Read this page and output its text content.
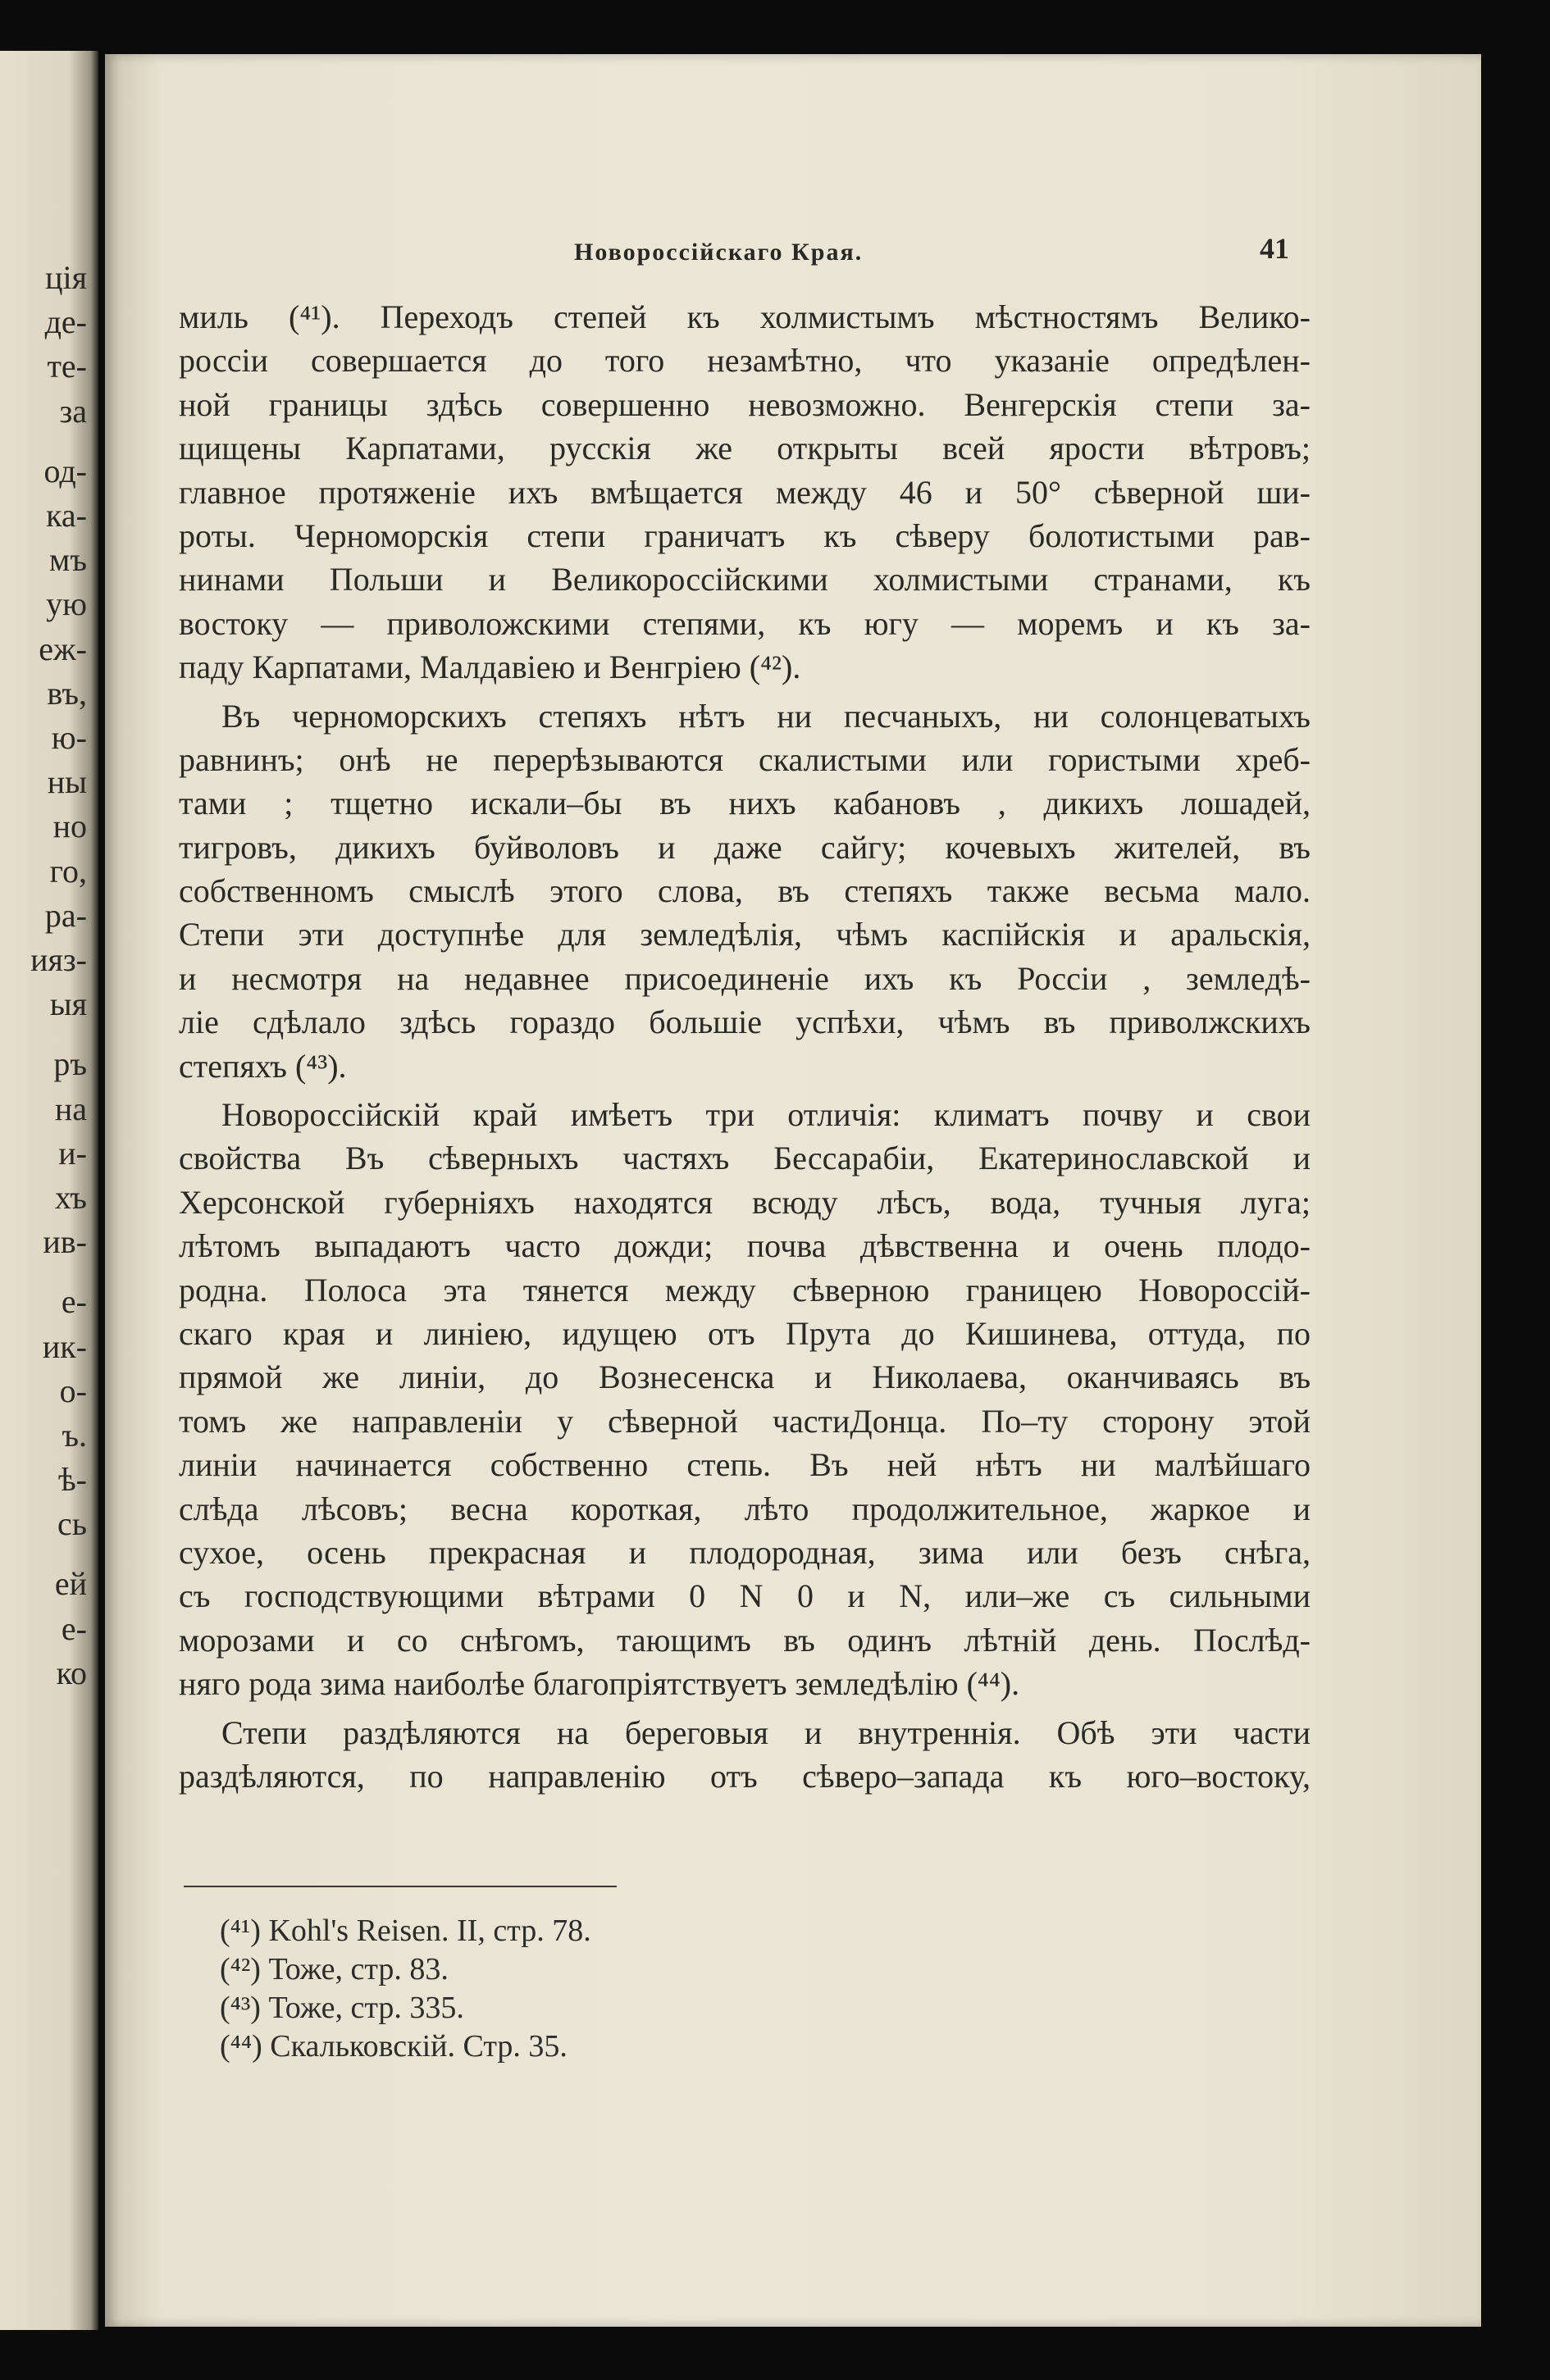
ція
де-
те-
за
од-
ка-
мъ
ую
еж-
въ,
ю-
ны
но
го,
ра-
ияз-
ыя
ръ
на
и-
хъ
ив-
е-
ик-
о-
ъ.
ѣ-
сь
ей
е-
ко
Новороссійскаго Края.	41
миль (⁴¹). Переходъ степей къ холмистымъ мѣстностямъ Велико-
россіи совершается до того незамѣтно, что указаніе опредѣлен-
ной границы здѣсь совершенно невозможно. Венгерскія степи за-
щищены Карпатами, русскія же открыты всей ярости вѣтровъ;
главное протяженіе ихъ вмѣщается между 46 и 50° сѣверной ши-
роты. Черноморскія степи граничатъ къ сѣверу болотистыми рав-
нинами Польши и Великороссійскими холмистыми странами, къ
востоку — приволожскими степями, къ югу — моремъ и къ за-
паду Карпатами, Малдавіею и Венгріею (⁴²).
Въ черноморскихъ степяхъ нѣтъ ни песчаныхъ, ни солонцеватыхъ
равнинъ; онѣ не перерѣзываются скалистыми или гористыми хреб-
тами ; тщетно искали–бы въ нихъ кабановъ , дикихъ лошадей,
тигровъ, дикихъ буйволовъ и даже сайгу; кочевыхъ жителей, въ
собственномъ смыслѣ этого слова, въ степяхъ также весьма мало.
Степи эти доступнѣе для земледѣлія, чѣмъ каспійскія и аральскія,
и несмотря на недавнее присоединеніе ихъ къ Россіи , землeдѣ-
ліе сдѣлало здѣсь гораздо большіе успѣхи, чѣмъ въ приволжскихъ
степяхъ (⁴³).
Новороссійскій край имѣетъ три отличія: климатъ почву и свои
свойства Въ сѣверныхъ частяхъ Бессарабіи, Екатеринославской и
Херсонской губерніяхъ находятся всюду лѣсъ, вода, тучныя луга;
лѣтомъ выпадаютъ часто дожди; почва дѣвственна и очень плодо-
родна. Полоса эта тянется между сѣверною границею Новороссій-
скаго края и линіею, идущею отъ Прута до Кишинева, оттуда, по
прямой же линіи, до Вознесенска и Николаева, оканчиваясь въ
томъ же направленіи у сѣверной частиДонца. По–ту сторону этой
линіи начинается собственно степь. Въ ней нѣтъ ни малѣйшаго
слѣда лѣсовъ; весна короткая, лѣто продолжительное, жаркое и
сухое, осень прекрасная и плодородная, зима или безъ снѣга,
съ господствующими вѣтрами 0 N 0 и N, или–же съ сильными
морозами и со снѣгомъ, тающимъ въ одинъ лѣтній день. Послѣд-
няго рода зима наиболѣе благопріятствуетъ земледѣлію (⁴⁴).
Степи раздѣляются на береговыя и внутреннія. Обѣ эти части
раздѣляются, по направленію отъ сѣверо–запада къ юго–востоку,
(⁴¹) Kohl's Reisen. II, стр. 78.
(⁴²) Тоже, стр. 83.
(⁴³) Тоже, стр. 335.
(⁴⁴) Скальковскій. Стр. 35.
